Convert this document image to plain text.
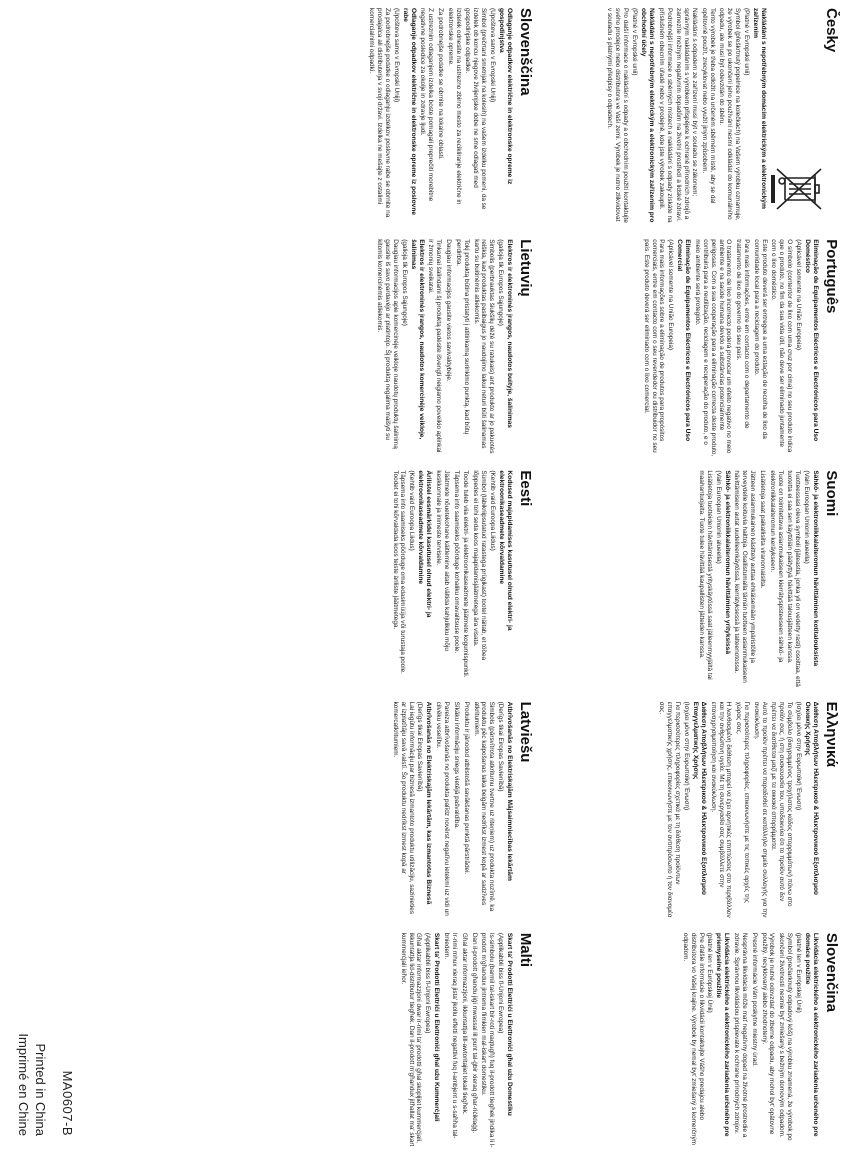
Česky
Nakládání s nepotřebným domácím elektrickým a elektronickým zařízením
(Platné v Evropské unii)

Symbol (přeškrtnutý popelnice na kolečkách) na Vašem výrobku oznamuje, že výrobek se po ukončení jeho používání nesmí odkládat do komunálního odpadu, ale musí být odevzdán do sběru.

Tento výrobek je třeba odložit na určeném sběrném místě, aby se dal opětovně použít, zrecyklovat nebo využít jiným způsobem.

Nakládání s odpadem ze zařízení musí být v souladu se zákonem; správným nakládáním s výrobkem přispějete k ochraně přírodních zdrojů a zamezíte možným negativním dopadům na životní prostředí a lidské zdraví.

Podrobnější informace o sběrných místech a nakládání s odpady získáte na příslušném obecním úřadě nebo v prodejně, kde jste výrobek zakoupili.

Nakládání s nepotřebným elektrickým a elektronickým zařízením pro obchodní účely
(Platné v Evropské unii)

Pro další informace o nakládání s odpady a o obchodním použití kontaktujte svého prodejce nebo distributora ve Vaší zemi. Výrobek je nutno zlikvidovat v souladu s platnými předpisy o odpadech.

Português
Eliminação de Equipamentos Eléctricos e Electrónicos para Uso Doméstico
(Aplicável somente na União Europeia)

O símbolo (contentor de lixo com uma cruz por cima) no seu produto indica que o produto, no fim da sua vida útil, não deve ser eliminado juntamente com o lixo doméstico.

Este produto deverá ser entregue a uma estação de recolha de lixo da comunidade local para a reciclagem do produto.

Para mais informações, entre em contacto com o departamento de tratamento de lixo do governo do seu país.

O tratamento de lixo incorrecto poderá provocar um efeito negativo no meio ambiente e na saúde humana devido a substâncias potencialmente perigosas. Com a sua cooperação para a eliminação correcta deste produto, contribuirá para a reutilização, reciclagem e recuperação do produto, e o meio ambiente será protegido.

Eliminação de Equipamentos Eléctricos e Electrónicos para Uso Comercial
(Aplicável somente na União Europeia)

Para mais informações sobre a eliminação de produtos para propósitos comerciais, entre em contacto com o seu revendedor ou distribuidor no seu país. Este produto deverá ser eliminado com o lixo comercial.

Suomi
Sähkö- ja elektroniikkalaiteromun hävittäminen kotitalouksista
(Vain Euroopan Unionin alueella)

Tuotteessasi oleva symboli (jäteastia, jonka yli on vedetty rasti) osoittaa, että tuotetta ei saa sen käyttöiän päätyttyä hävittää talousjätteen kanssa.

Tuote on toimitettava asianmukaiseen kierrätyspisteeseen sähkö- ja elektroniikkalaiteromun keräykseen.

Lisätietoja saat paikallisilta viranomaisilta.

Jätteen asianmukainen käsittely auttaa ehkäisemään ympäristölle ja terveydelle koituvia haittoja. Osallistumalla tämän tuotteen asianmukaiseen hävittämiseen autat uudelleenkäytössä, kierrätyksessä ja talteenotossa.

Sähkö- ja elektroniikkalaiteromun hävittäminen yrityksissä
(Vain Euroopan Unionin alueella)

Lisätietoja tuotteiden hävittämisestä yrityskäytössä saat jälleenmyyjältä tai maahantuojalta. Tuote tulee hävittää kaupallisten jätteiden kanssa.

Ελληνικά
Διάθεση Αποβλήτων Ηλεκτρικού & Ηλεκτρονικού Εξοπλισμού Οικιακής Χρήσης
(Ισχύει μόνο στην Ευρωπαϊκή Ένωση)

Το σύμβολο (διαγραμμένος τροχήλατος κάδος απορριμμάτων) πάνω στο προϊόν σας, ή στη συσκευασία του, υποδεικνύει ότι το προϊόν αυτό δεν πρέπει να διατίθεται μαζί με τα οικιακά απορρίμματα.

Αυτό το προϊόν πρέπει να παραδοθεί σε κατάλληλο σημείο συλλογής για την ανακύκλωση.

Για περισσότερες πληροφορίες, επικοινωνήστε με τις τοπικές αρχές της χώρας σας.

Η λανθασμένη διάθεση μπορεί να έχει αρνητικές επιπτώσεις στο περιβάλλον και την ανθρώπινη υγεία. Με τη συνεργασία σας συμβάλλετε στην επαναχρησιμοποίηση και ανακύκλωση.

Διάθεση Αποβλήτων Ηλεκτρικού & Ηλεκτρονικού Εξοπλισμού Επαγγελματικής Χρήσης
(Ισχύει μόνο στην Ευρωπαϊκή Ένωση)

Για περισσότερες πληροφορίες σχετικά με τη διάθεση προϊόντων επαγγελματικής χρήσης, επικοινωνήστε με τον αντιπρόσωπο ή τον διανομέα σας.

Slovenčina
Likvidácia elektrického a elektronického zariadenia určeného pre domáce použitie
(platné len v Európskej Únii)

Symbol (prečiarknutý odpadový kôš) na výrobku znamená, že výrobok po skončení životnosti nesmie byť zmiešaný s bežným domovým odpadom.

Výrobok je nutné odovzdať do zberne odpadu, aby mohol byť opätovne použitý, recyklovaný alebo zhodnotený.

Presné informácie Vám poskytne miestny úrad.

Nesprávna likvidácia môže mať negatívny dopad na životné prostredie a zdravie. Správnou likvidáciou prispievate k ochrane prírodných zdrojov.

Likvidácia elektrického a elektronického zariadenia určeného pre priemyselné použitie
(platné len v Európskej Únii)

Pre ďalšie informácie o likvidácii kontaktujte Vášho predajcu alebo distribútora vo Vašej krajine. Výrobok by nemal byť zmiešaný s komerčným odpadom.

Slovenščina
Odlaganje odpadkov električne in elektronske opreme iz gospodinjstva
(Upošteva samo v Evropski Uniji)

Simbol (prečrtani smetnjak na kolesih) na vašem izdelku pomeni, da se izdelek ob koncu njegove življenjske dobe ne sme odlagati med gospodinjske odpadke.

Izdelek odnesite na ustrezno zbirno mesto za recikliranje električne in elektronske opreme.

Za podrobnejše podatke se obrnite na lokalne oblasti.

Z ustreznim odlaganjem izdelka boste pomagali preprečiti morebitne negativne posledice za okolje in zdravje ljudi.

Odlaganje odpadkov električne in elektronske opreme iz poslovne rabe
(Upošteva samo v Evropski Uniji)

Za podrobnejše podatke o odlaganju izdelkov poslovne rabe se obrnite na prodajalca ali distributerja v svoji državi. Izdelka ne mešajte z ostalimi komercialnimi odpadki.

Lietuvių
Elektros ir elektroninės įrangos, naudotos buityje, šalinimas
(galioja tik Europos Sąjungoje)

Simbolis (perbrauktas šiukšlių dėžė su ratukais) ant produkto ar jo pakuotės reiškia, kad produktas pasibaigus jo naudojimo laikui neturi būti šalinamas kartu su buitinėmis atliekomis.

Tokį produktą būtina pristatyti į atitinkamą surinkimo punktą, kad būtų perdirbta.

Daugiau informacijos gausite vietos savivaldybėje.

Tinkamai šalindami šį produktą padėsite išvengti neigiamo poveikio aplinkai ir žmonių sveikatai.

Elektros ir elektroninės įrangos, naudotos komercinėje veikloje, šalinimas
(galioja tik Europos Sąjungoje)

Daugiau informacijos apie komercinėje veikloje naudotų produktų šalinimą gausite iš savo pardavėjo ar platintojo. Šį produktą negalima maišyti su kitomis komercinėmis atliekomis.

Eesti
Kodused majapidamises kasutusel olnud elektri- ja elektroonikaseadmete kõrvaldamine
(Kehtib vaid Euroopa Liidus)

Sümbol (läbikriipsutatud ratastega prügikast) tootel näitab, et tööea lõppedes ei tohi seda koos majapidamisjäätmetega ära visata.

Toode tuleb viia elektri- ja elektroonikaseadmete jäätmete kogumispunkti.

Täpsema info saamiseks pöörduge kohaliku omavalitsuse poole.

Jäätmete nõuetekohane käitlemine aitab vältida kahjulikku mõju keskkonnale ja inimeste tervisele.

Ärilistel eesmärkidel kasutusel olnud elektri- ja elektroonikaseadmete kõrvaldamine
(Kehtib vaid Euroopa Liidus)

Täpsema info saamiseks pöörduge oma edasimüüja või turustaja poole. Toodet ei tohi kõrvaldada koos teiste äriliste jäätmetega.

Latviešu
Atbrīvošanās no Elektriskajām Mājsaimniecības Iekārtām
(Derīgs tikai Eiropas Savienībā)

Simbols (pārsvītrota atkritumu tvertne uz riteņiem) uz produkta nozīmē, ka produktu pēc kalpošanas laika beigām nedrīkst izmest kopā ar sadzīves atkritumiem.

Produktu ir jānodod atbilstošā savākšanas punktā pārstrādei.

Sīkāku informāciju sniegs vietējā pašvaldība.

Pareiza atbrīvošanās no produkta palīdz novērst negatīvu ietekmi uz vidi un cilvēku veselību.

Atbrīvošanās no Elektriskajām Iekārtām, kas izmantotas Biznesā
(Derīgs tikai Eiropas Savienībā)

Lai iegūtu informāciju par biznesā izmantoto produktu utilizāciju, sazinieties ar izplatītāju savā valstī. Šo produktu nedrīkst izmest kopā ar komercatkritumiem.

Malti
Skart ta' Prodotti Elettriċi u Elettroniċi għal użu Domestiku
(Applikabbli biss fl-Unjoni Ewropea)

Is-simbolu (barmil tal-iskart bir-roti maqtugħ) fuq il-prodott tiegħek jindika li l-prodott m'għandux jintrema flimkien mal-iskart domestiku.

Dan il-prodott għandu jiġi mwassal lil punt tal-ġbir xieraq għar-riċiklaġġ.

Għal aktar informazzjoni, ikkuntattja lill-awtoritajiet lokali tiegħek.

Ir-rimi mhux xieraq jista' jkollu effetti negattivi fuq l-ambjent u s-saħħa tal-bniedem.

Skart ta' Prodotti Elettriċi u Elettroniċi għal użu Kummerċjali
(Applikabbli biss fl-Unjoni Ewropea)

Għal aktar informazzjoni dwar ir-rimi ta' prodotti għal skopijiet kummerċjali, ikkuntattja lid-distributur tiegħek. Dan il-prodott m'għandux jitħallat ma' skart kummerċjali ieħor.

MA0607-B
Printed in China
Imprimé en Chine
